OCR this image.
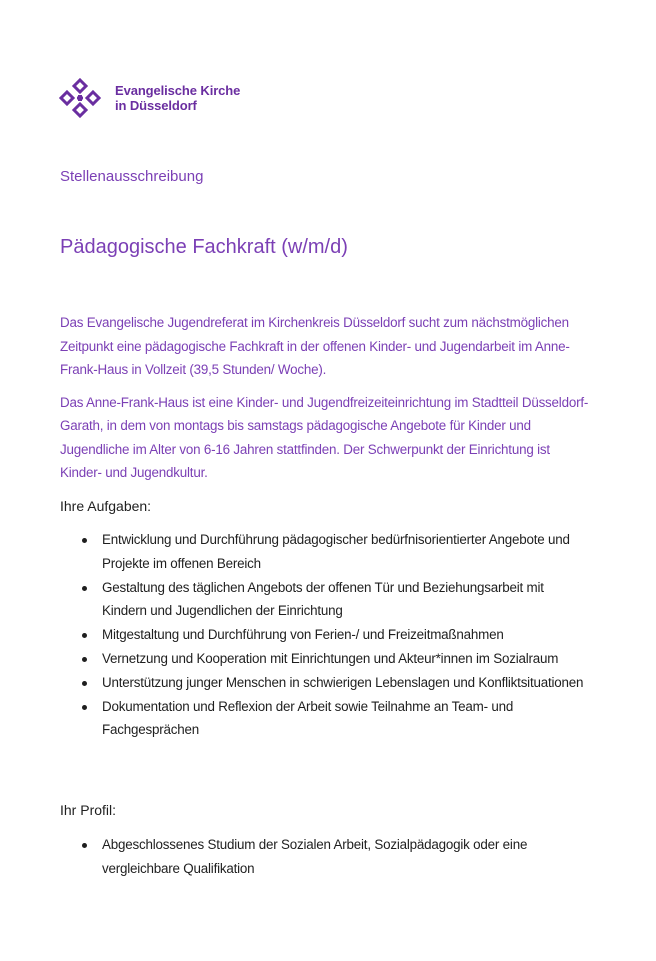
Evangelische Kirche
in Düsseldorf
Stellenausschreibung
Pädagogische Fachkraft (w/m/d)

Das Evangelische Jugendreferat im Kirchenkreis Düsseldorf sucht zum nächstmöglichen Zeitpunkt eine pädagogische Fachkraft in der offenen Kinder- und Jugendarbeit im Anne-Frank-Haus in Vollzeit (39,5 Stunden/ Woche).

Das Anne-Frank-Haus ist eine Kinder- und Jugendfreizeiteinrichtung im Stadtteil Düsseldorf-Garath, in dem von montags bis samstags pädagogische Angebote für Kinder und Jugendliche im Alter von 6-16 Jahren stattfinden. Der Schwerpunkt der Einrichtung ist Kinder- und Jugendkultur.

Ihre Aufgaben:
Entwicklung und Durchführung pädagogischer bedürfnisorientierter Angebote und Projekte im offenen Bereich
Gestaltung des täglichen Angebots der offenen Tür und Beziehungsarbeit mit Kindern und Jugendlichen der Einrichtung
Mitgestaltung und Durchführung von Ferien-/ und Freizeitmaßnahmen
Vernetzung und Kooperation mit Einrichtungen und Akteur*innen im Sozialraum
Unterstützung junger Menschen in schwierigen Lebenslagen und Konfliktsituationen
Dokumentation und Reflexion der Arbeit sowie Teilnahme an Team- und Fachgesprächen
Ihr Profil:
Abgeschlossenes Studium der Sozialen Arbeit, Sozialpädagogik oder eine vergleichbare Qualifikation
